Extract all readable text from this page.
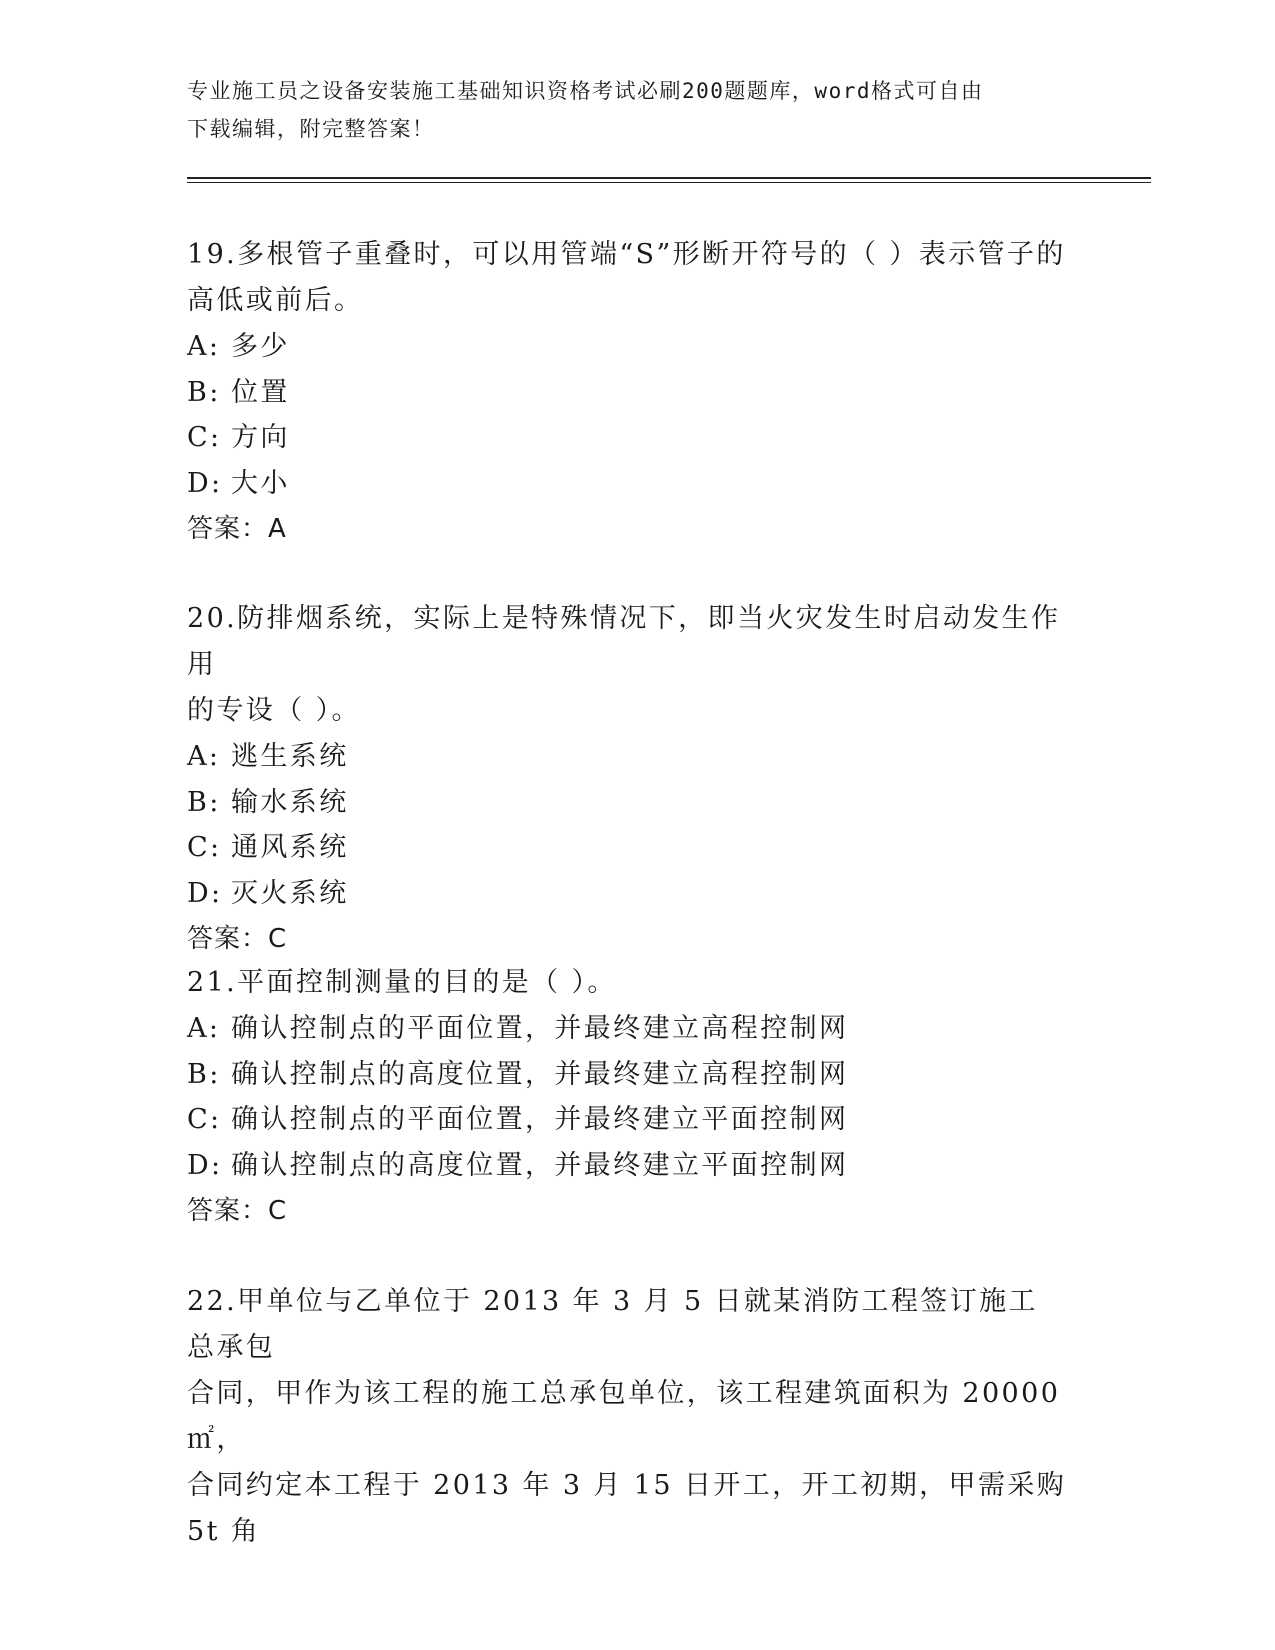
专业施工员之设备安装施工基础知识资格考试必刷200题题库，word格式可自由
下载编辑，附完整答案！

19.多根管子重叠时，可以用管端“S”形断开符号的（ ）表示管子的
高低或前后。

A: 多少

B: 位置

C: 方向

D: 大小

答案：A

20.防排烟系统，实际上是特殊情况下，即当火灾发生时启动发生作用
的专设（ ）。

A: 逃生系统

B: 输水系统

C: 通风系统

D: 灭火系统

答案：C

21.平面控制测量的目的是（ ）。

A: 确认控制点的平面位置，并最终建立高程控制网

B: 确认控制点的高度位置，并最终建立高程控制网

C: 确认控制点的平面位置，并最终建立平面控制网

D: 确认控制点的高度位置，并最终建立平面控制网

答案：C

22.甲单位与乙单位于 2013 年 3 月 5 日就某消防工程签订施工总承包
合同，甲作为该工程的施工总承包单位，该工程建筑面积为 20000㎡，
合同约定本工程于 2013 年 3 月 15 日开工，开工初期，甲需采购 5t 角
